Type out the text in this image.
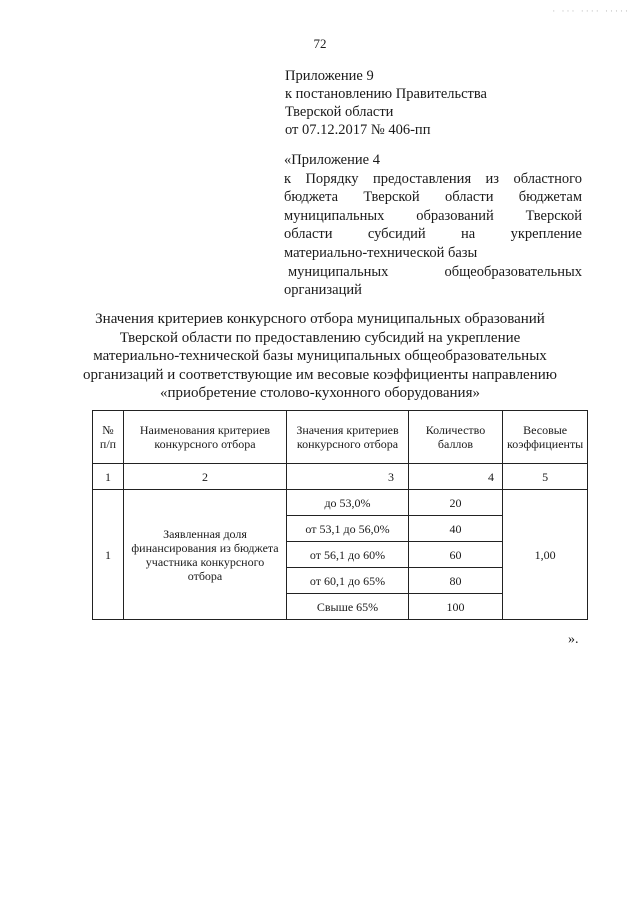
· ··· ···· ·····
72
Приложение 9
к постановлению Правительства
Тверской области
от 07.12.2017 № 406-пп
«Приложение 4
к Порядку предоставления из областного
бюджета Тверской области бюджетам
муниципальных образований Тверской
области субсидий на укрепление
материально-технической базы
муниципальных	общеобразовательных
организаций
Значения критериев конкурсного отбора муниципальных образований
Тверской области по предоставлению субсидий на укрепление
материально-технической базы муниципальных общеобразовательных
организаций и соответствующие им весовые коэффициенты направлению
«приобретение столово-кухонного оборудования»
№ п/п	Наименования критериев конкурсного отбора	Значения критериев конкурсного отбора	Количество баллов	Весовые коэффициенты
1	2	3	4	5
1	Заявленная доля финансирования из бюджета участника конкурсного отбора	до 53,0%	20	1,00
		от 53,1 до 56,0%	40	
		от 56,1 до 60%	60	
		от 60,1 до 65%	80	
		Свыше 65%	100	
».
